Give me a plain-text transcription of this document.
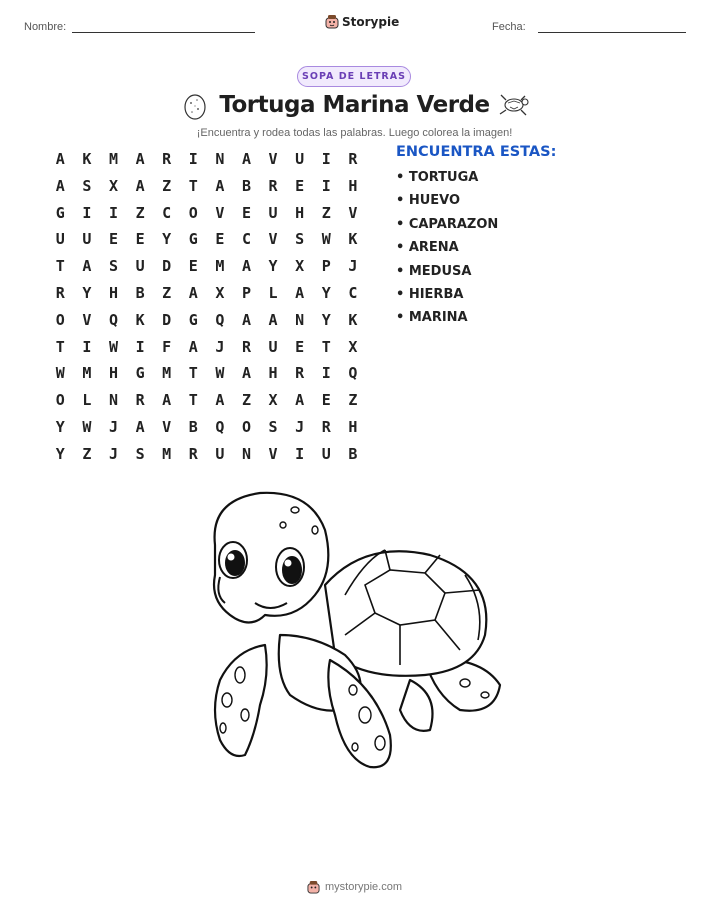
Nombre:	Storypie	Fecha:
SOPA DE LETRAS
Tortuga Marina Verde
¡Encuentra y rodea todas las palabras. Luego colorea la imagen!
A	K	M	A	R	I	N	A	V	U	I	R
A	S	X	A	Z	T	A	B	R	E	I	H
G	I	I	Z	C	O	V	E	U	H	Z	V
U	U	E	E	Y	G	E	C	V	S	W	K
T	A	S	U	D	E	M	A	Y	X	P	J
R	Y	H	B	Z	A	X	P	L	A	Y	C
O	V	Q	K	D	G	Q	A	A	N	Y	K
T	I	W	I	F	A	J	R	U	E	T	X
W	M	H	G	M	T	W	A	H	R	I	Q
O	L	N	R	A	T	A	Z	X	A	E	Z
Y	W	J	A	V	B	Q	O	S	J	R	H
Y	Z	J	S	M	R	U	N	V	I	U	B
ENCUENTRA ESTAS:
• TORTUGA
• HUEVO
• CAPARAZON
• ARENA
• MEDUSA
• HIERBA
• MARINA
mystorypie.com
